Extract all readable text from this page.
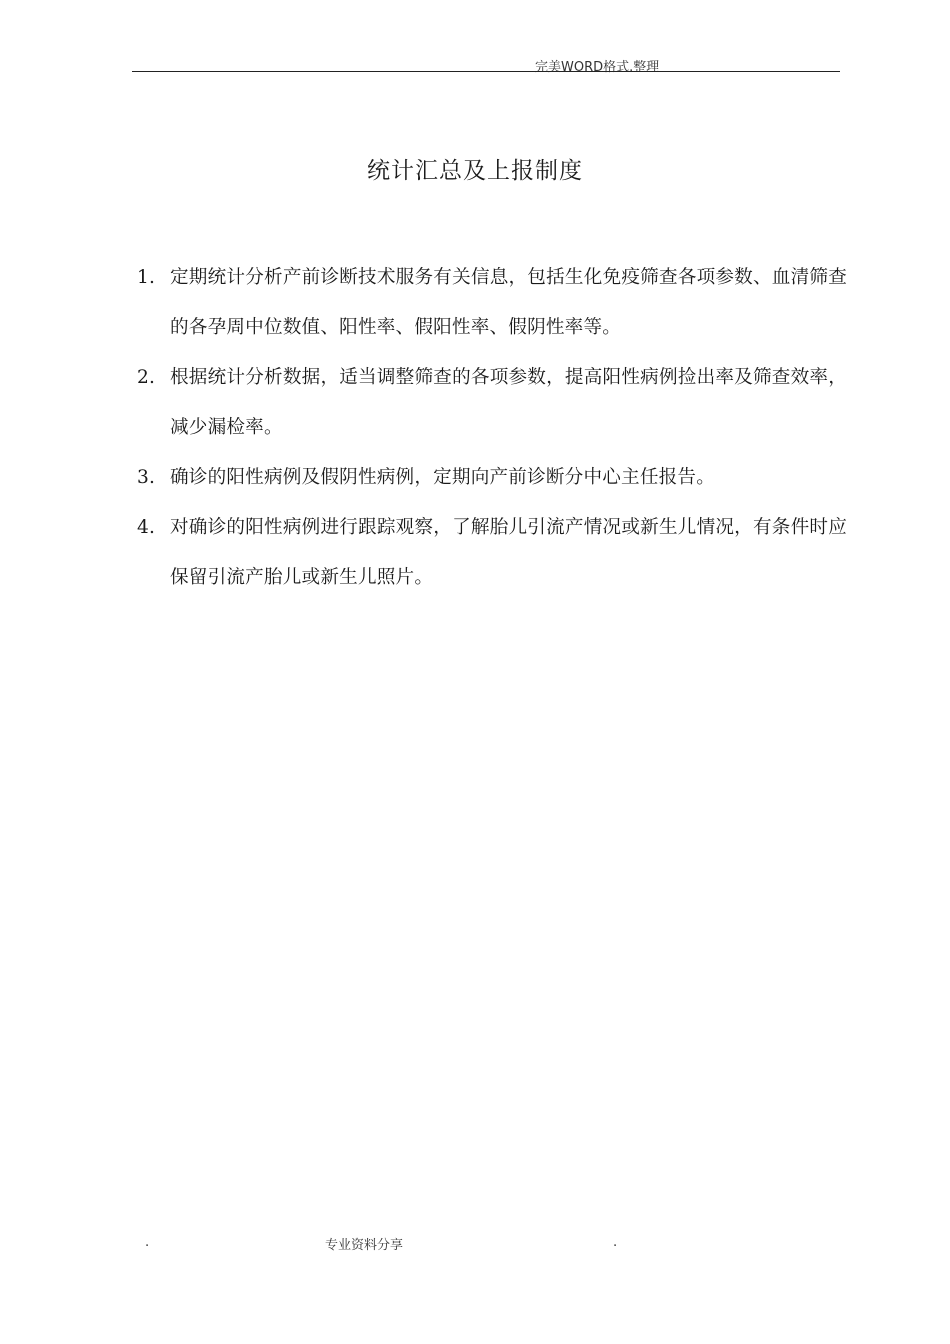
完美WORD格式.整理
统计汇总及上报制度
1. 定期统计分析产前诊断技术服务有关信息，包括生化免疫筛查各项参数、血清筛查的各孕周中位数值、阳性率、假阳性率、假阴性率等。
2. 根据统计分析数据，适当调整筛查的各项参数，提高阳性病例捡出率及筛查效率，减少漏检率。
3. 确诊的阳性病例及假阴性病例，定期向产前诊断分中心主任报告。
4. 对确诊的阳性病例进行跟踪观察，了解胎儿引流产情况或新生儿情况，有条件时应保留引流产胎儿或新生儿照片。
.	专业资料分享	.
